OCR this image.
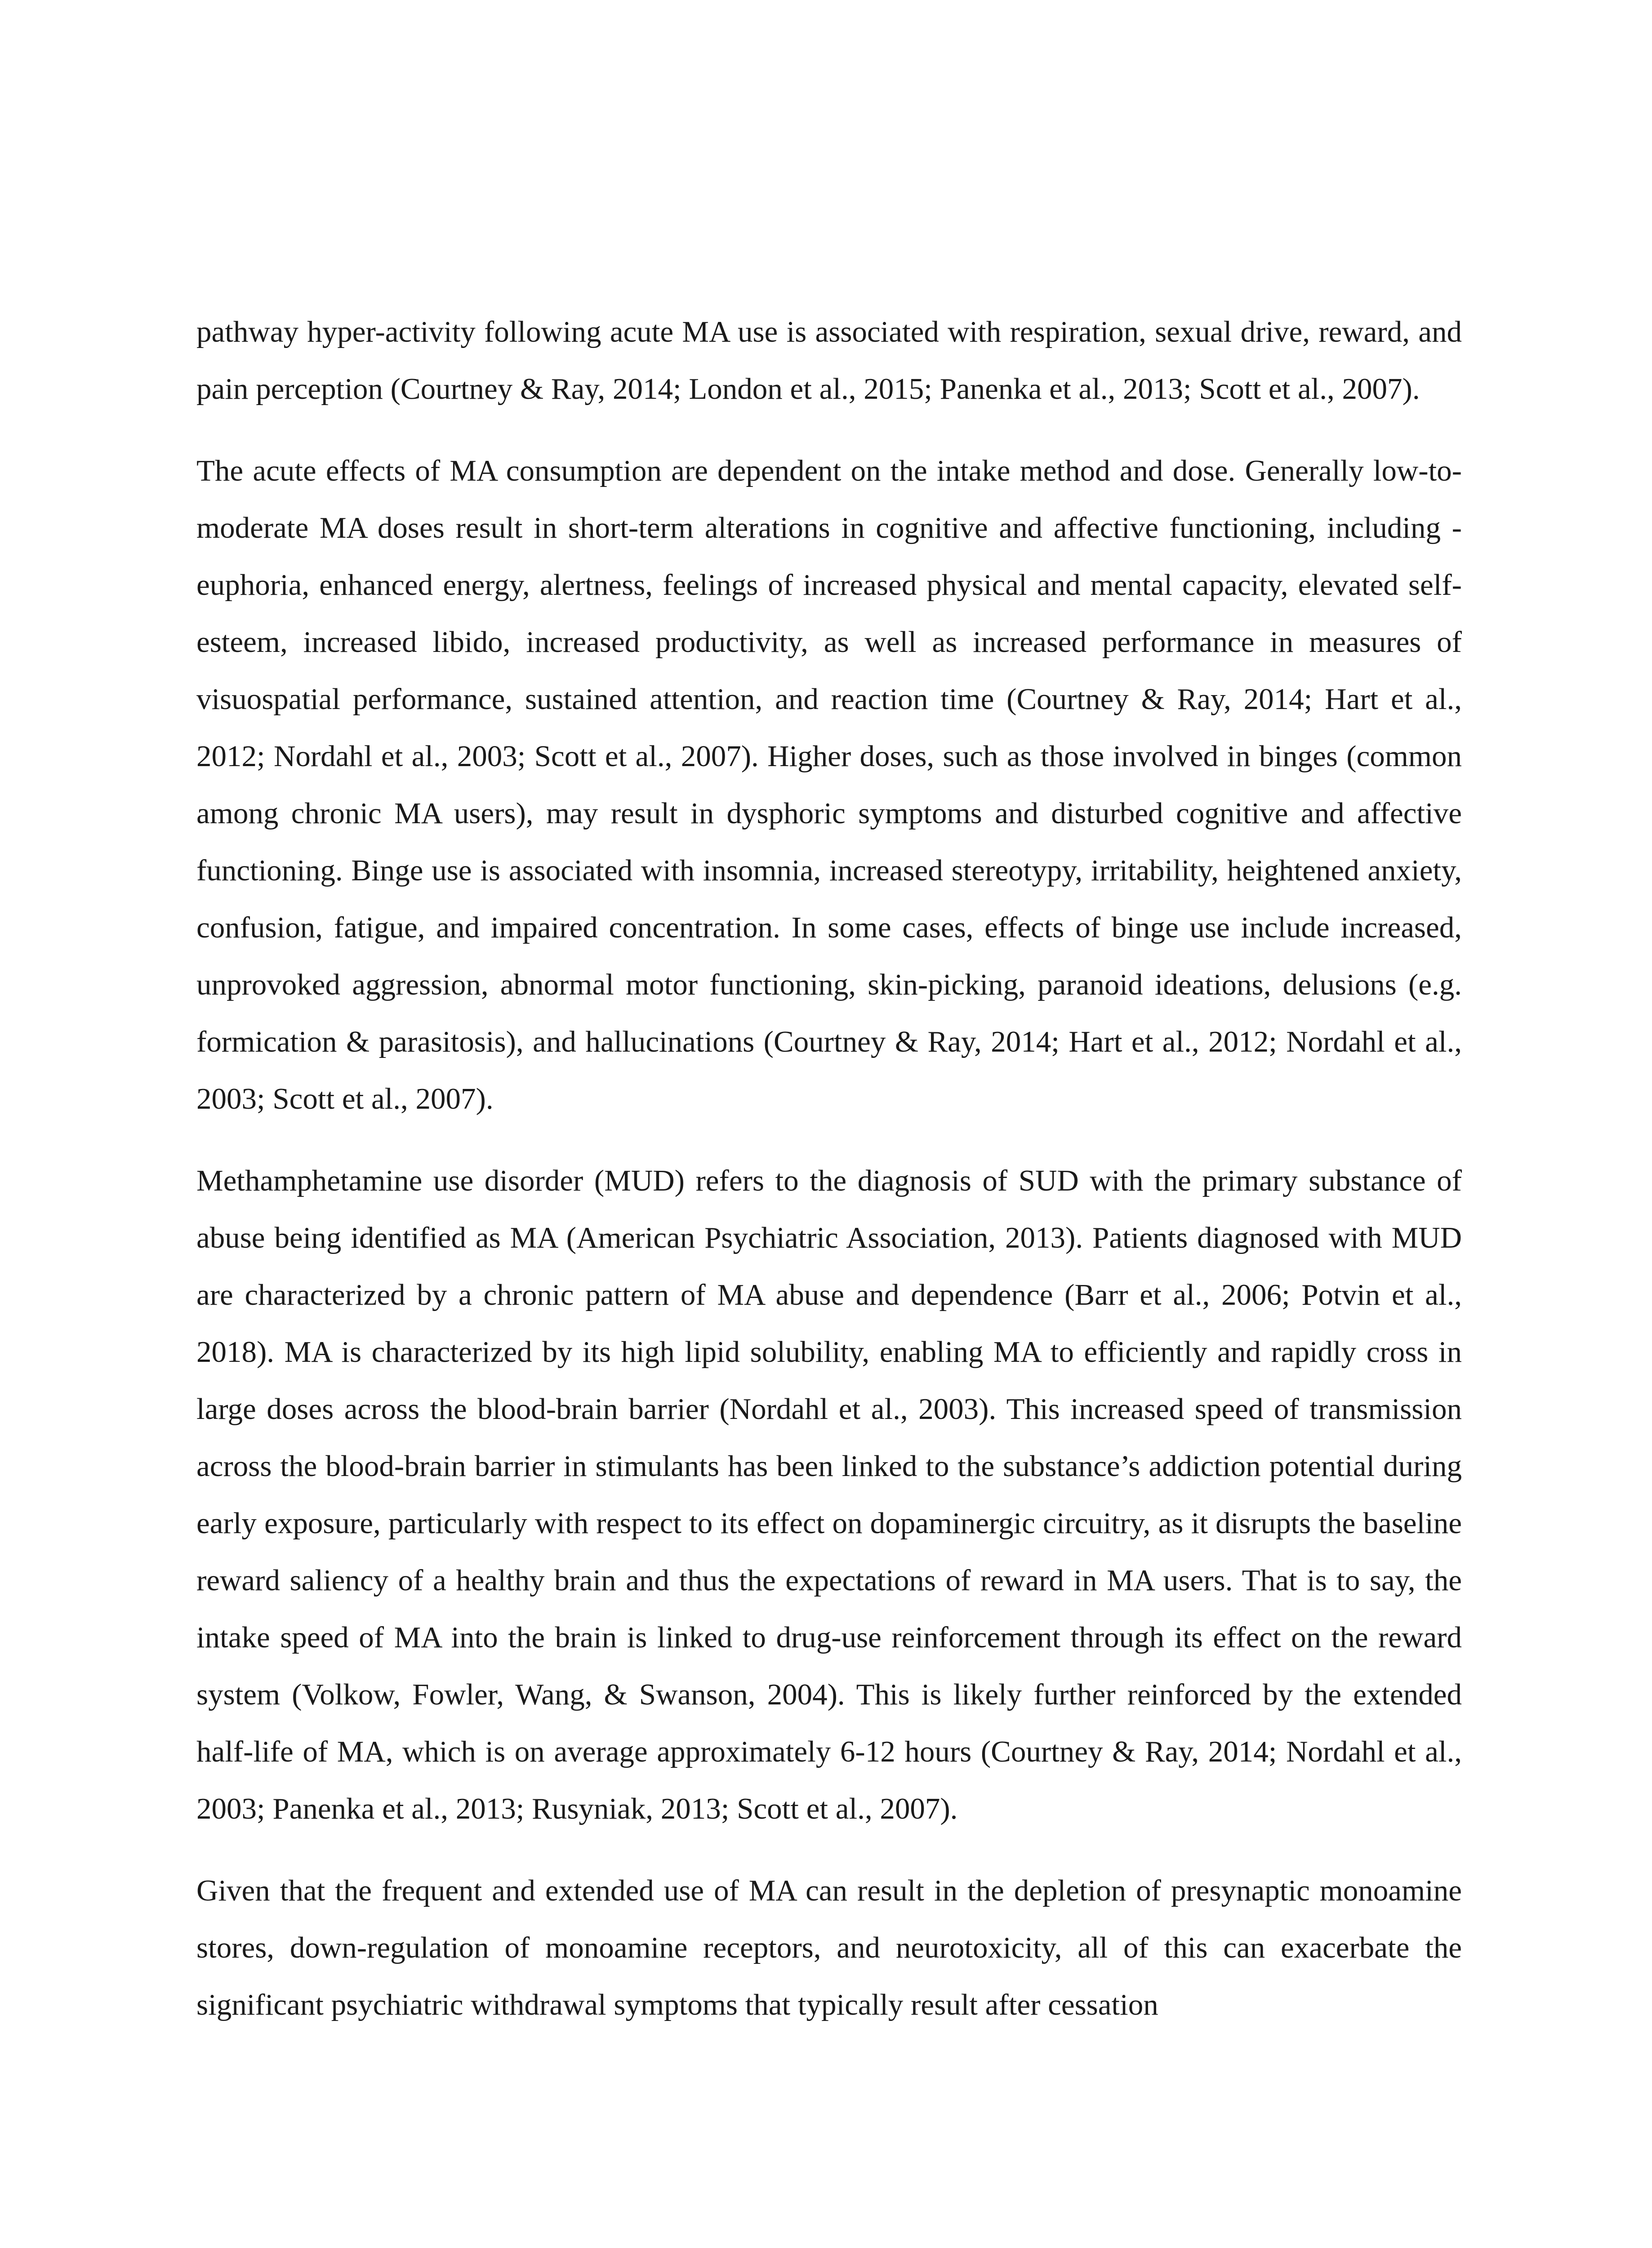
pathway hyper-activity following acute MA use is associated with respiration, sexual drive, reward, and pain perception (Courtney & Ray, 2014; London et al., 2015; Panenka et al., 2013; Scott et al., 2007).

The acute effects of MA consumption are dependent on the intake method and dose. Generally low-to-moderate MA doses result in short-term alterations in cognitive and affective functioning, including - euphoria, enhanced energy, alertness, feelings of increased physical and mental capacity, elevated self-esteem, increased libido, increased productivity, as well as increased performance in measures of visuospatial performance, sustained attention, and reaction time (Courtney & Ray, 2014; Hart et al., 2012; Nordahl et al., 2003; Scott et al., 2007). Higher doses, such as those involved in binges (common among chronic MA users), may result in dysphoric symptoms and disturbed cognitive and affective functioning. Binge use is associated with insomnia, increased stereotypy, irritability, heightened anxiety, confusion, fatigue, and impaired concentration. In some cases, effects of binge use include increased, unprovoked aggression, abnormal motor functioning, skin-picking, paranoid ideations, delusions (e.g. formication & parasitosis), and hallucinations (Courtney & Ray, 2014; Hart et al., 2012; Nordahl et al., 2003; Scott et al., 2007).

Methamphetamine use disorder (MUD) refers to the diagnosis of SUD with the primary substance of abuse being identified as MA (American Psychiatric Association, 2013). Patients diagnosed with MUD are characterized by a chronic pattern of MA abuse and dependence (Barr et al., 2006; Potvin et al., 2018). MA is characterized by its high lipid solubility, enabling MA to efficiently and rapidly cross in large doses across the blood-brain barrier (Nordahl et al., 2003). This increased speed of transmission across the blood-brain barrier in stimulants has been linked to the substance’s addiction potential during early exposure, particularly with respect to its effect on dopaminergic circuitry, as it disrupts the baseline reward saliency of a healthy brain and thus the expectations of reward in MA users. That is to say, the intake speed of MA into the brain is linked to drug-use reinforcement through its effect on the reward system (Volkow, Fowler, Wang, & Swanson, 2004). This is likely further reinforced by the extended half-life of MA, which is on average approximately 6-12 hours (Courtney & Ray, 2014; Nordahl et al., 2003; Panenka et al., 2013; Rusyniak, 2013; Scott et al., 2007).

Given that the frequent and extended use of MA can result in the depletion of presynaptic monoamine stores, down-regulation of monoamine receptors, and neurotoxicity, all of this can exacerbate the significant psychiatric withdrawal symptoms that typically result after cessation
